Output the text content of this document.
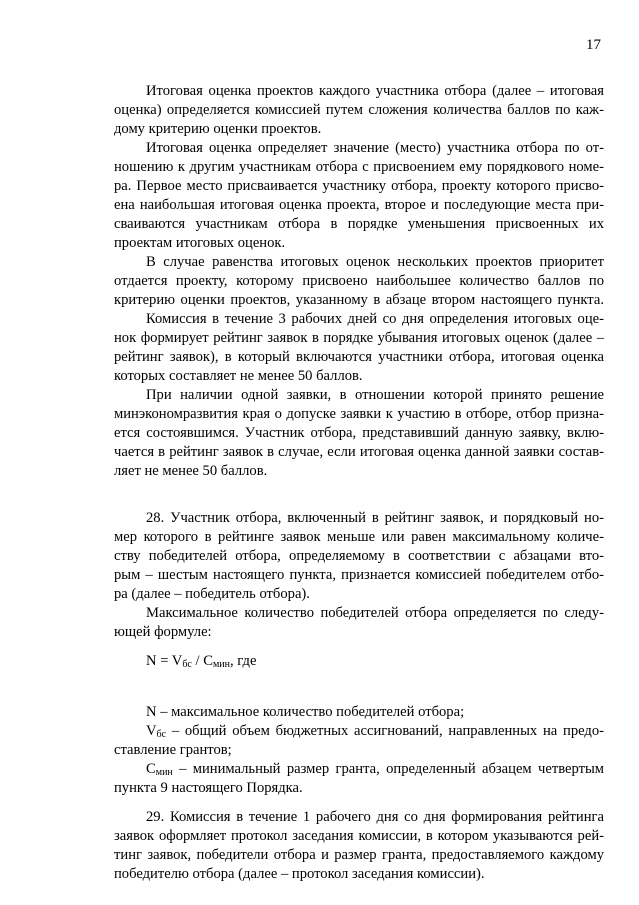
17
Итоговая оценка проектов каждого участника отбора (далее – итоговая
оценка) определяется комиссией путем сложения количества баллов по каж-
дому критерию оценки проектов.
Итоговая оценка определяет значение (место) участника отбора по от-
ношению к другим участникам отбора с присвоением ему порядкового номе-
ра. Первое место присваивается участнику отбора, проекту которого присво-
ена наибольшая итоговая оценка проекта, второе и последующие места при-
сваиваются участникам отбора в порядке уменьшения присвоенных их
проектам итоговых оценок.
В случае равенства итоговых оценок нескольких проектов приоритет
отдается проекту, которому присвоено наибольшее количество баллов по
критерию оценки проектов, указанному в абзаце втором настоящего пункта.
Комиссия в течение 3 рабочих дней со дня определения итоговых оце-
нок формирует рейтинг заявок в порядке убывания итоговых оценок (далее –
рейтинг заявок), в который включаются участники отбора, итоговая оценка
которых составляет не менее 50 баллов.
При наличии одной заявки, в отношении которой принято решение
минэкономразвития края о допуске заявки к участию в отборе, отбор призна-
ется состоявшимся. Участник отбора, представивший данную заявку, вклю-
чается в рейтинг заявок в случае, если итоговая оценка данной заявки состав-
ляет не менее 50 баллов.
28. Участник отбора, включенный в рейтинг заявок, и порядковый но-
мер которого в рейтинге заявок меньше или равен максимальному количе-
ству победителей отбора, определяемому в соответствии с абзацами вто-
рым – шестым настоящего пункта, признается комиссией победителем отбо-
ра (далее – победитель отбора).
Максимальное количество победителей отбора определяется по следу-
ющей формуле:
$N = V_{бс} / C_{мин}$, где
N – максимальное количество победителей отбора;
$V_{бс}$ – общий объем бюджетных ассигнований, направленных на предо-
ставление грантов;
$C_{мин}$ – минимальный размер гранта, определенный абзацем четвертым
пункта 9 настоящего Порядка.
29. Комиссия в течение 1 рабочего дня со дня формирования рейтинга
заявок оформляет протокол заседания комиссии, в котором указываются рей-
тинг заявок, победители отбора и размер гранта, предоставляемого каждому
победителю отбора (далее – протокол заседания комиссии).
